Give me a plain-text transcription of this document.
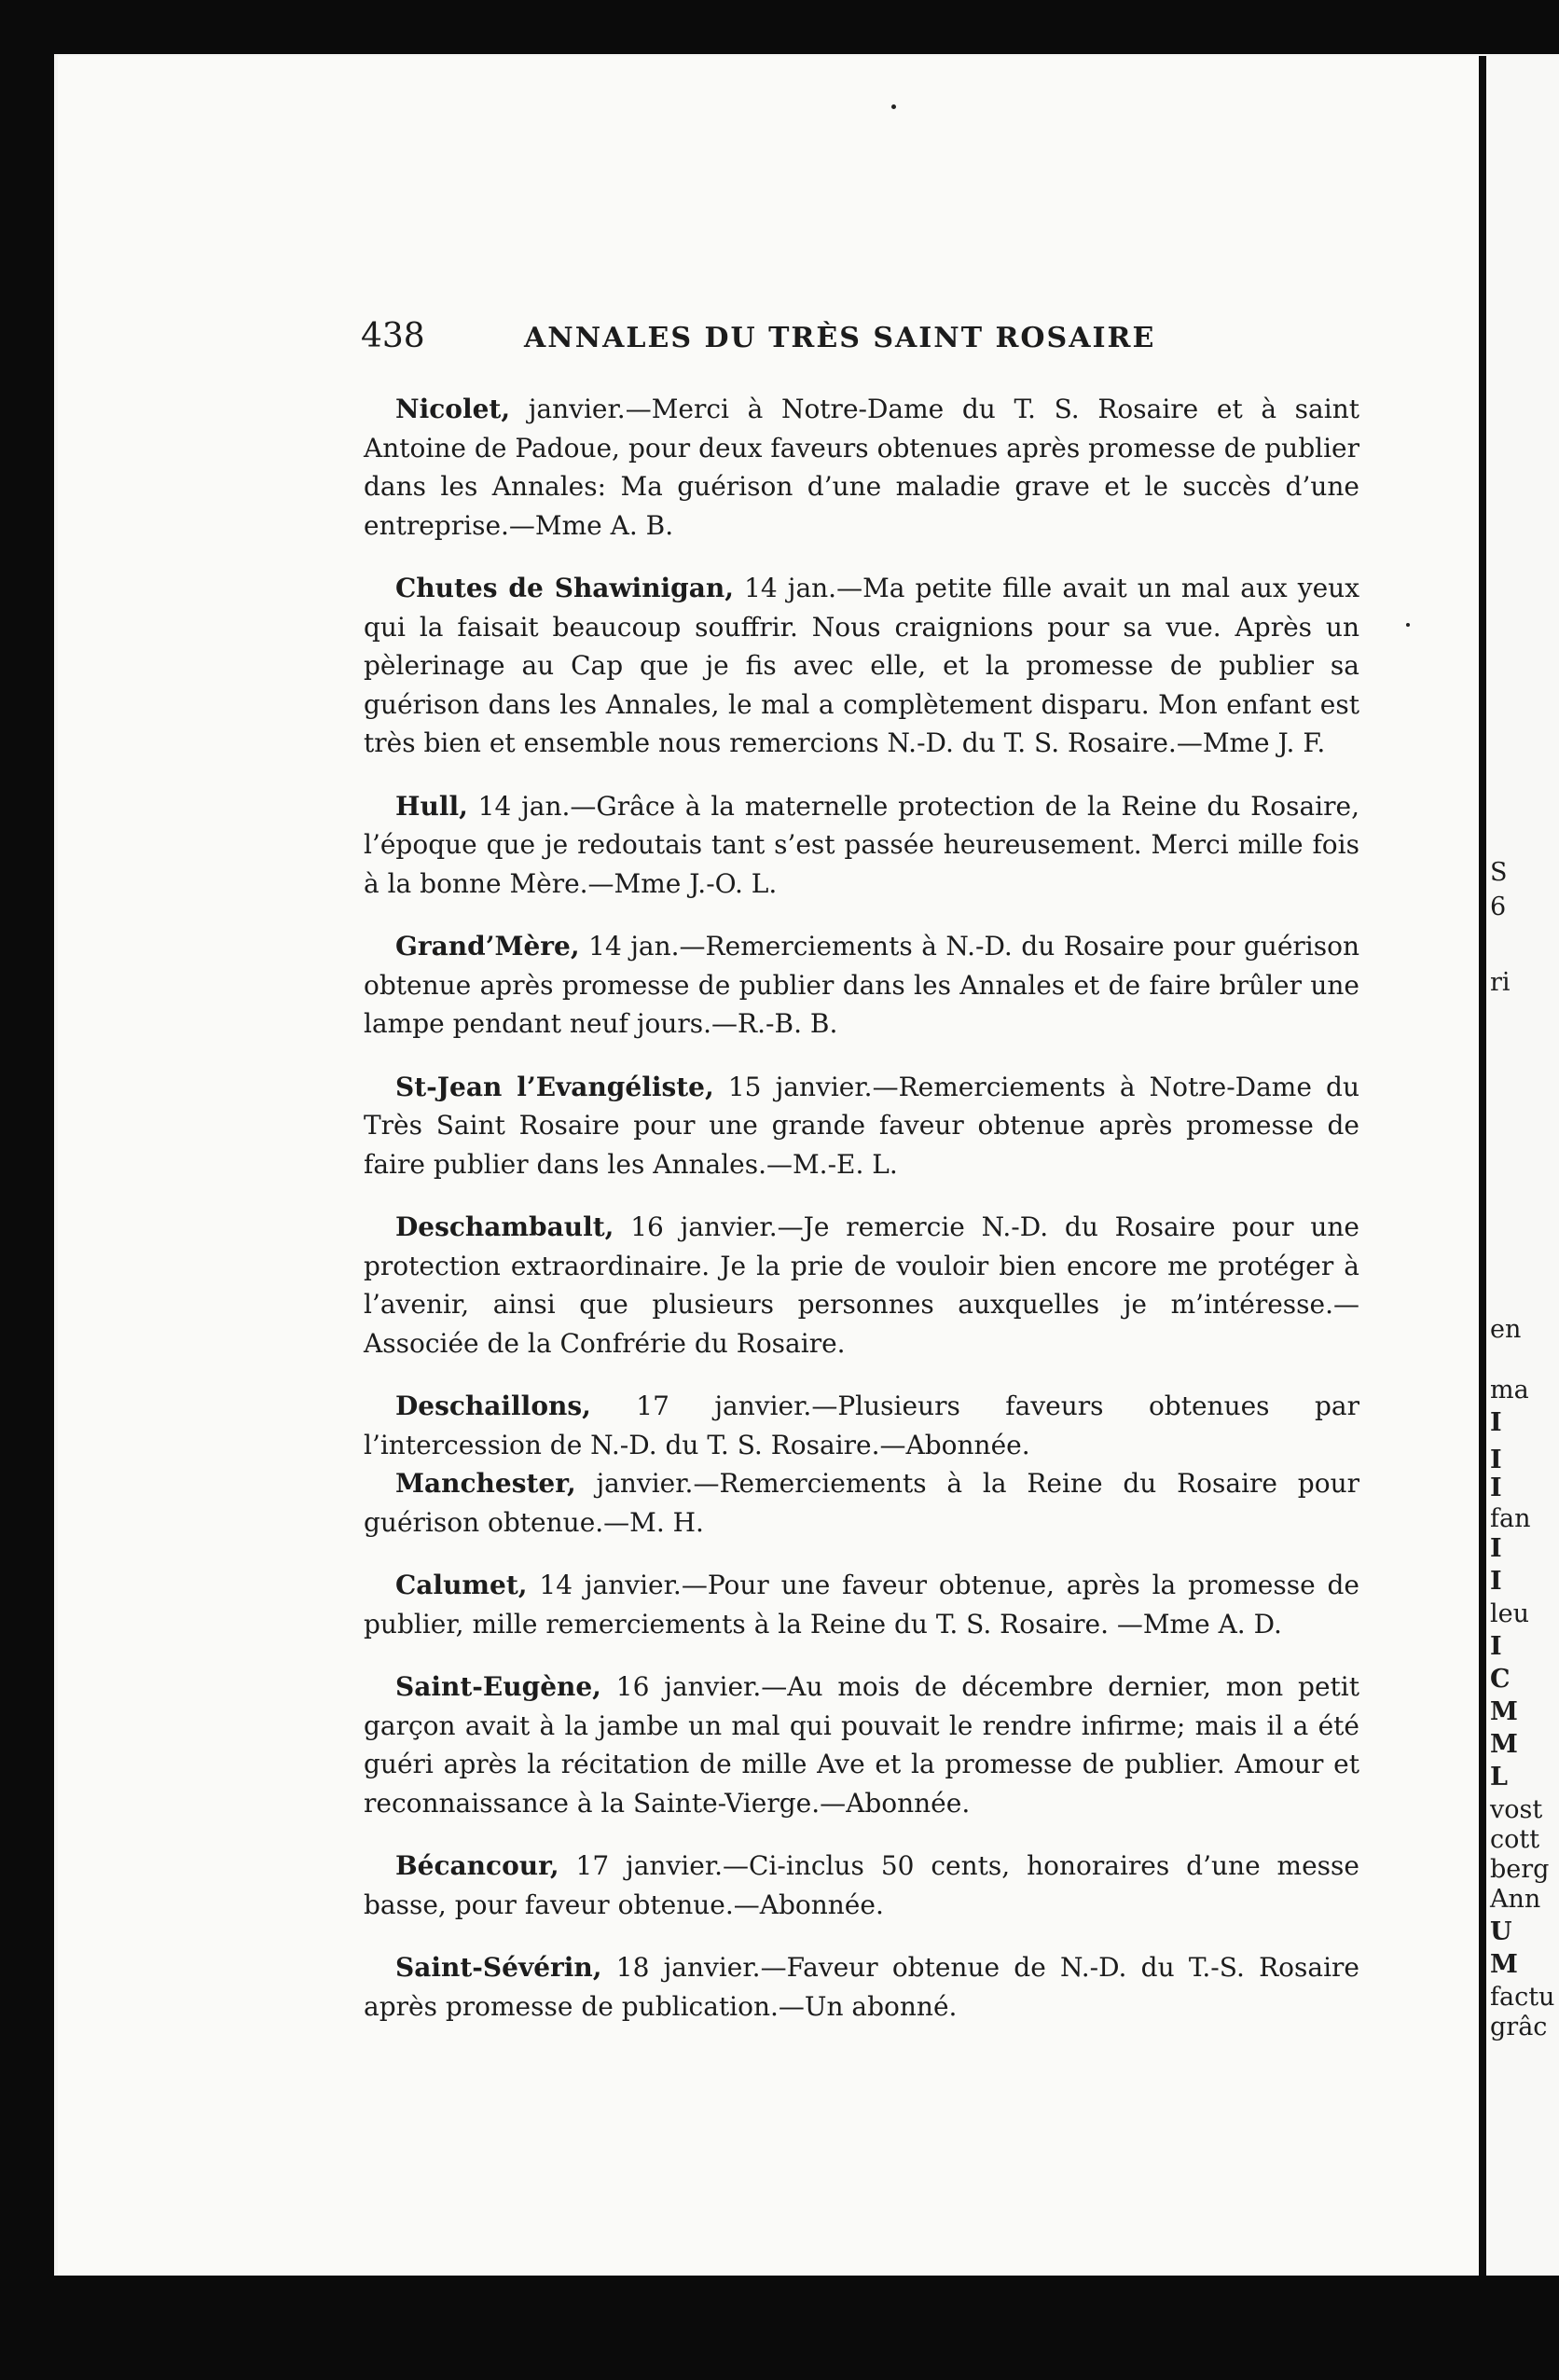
S
6
ri
en
ma
I
I
I
fan
I
I
leu
I
C
M
M
L
vost
cott
berg
Ann
U
M
factu
grâc
438	ANNALES DU TRÈS SAINT ROSAIRE

Nicolet, janvier.—Merci à Notre-Dame du T. S. Rosaire et à saint Antoine de Padoue, pour deux faveurs obtenues après promesse de publier dans les Annales: Ma guérison d’une maladie grave et le succès d’une entreprise.—Mme A. B.

Chutes de Shawinigan, 14 jan.—Ma petite fille avait un mal aux yeux qui la faisait beaucoup souffrir. Nous craignions pour sa vue. Après un pèlerinage au Cap que je fis avec elle, et la promesse de publier sa guérison dans les Annales, le mal a complètement disparu. Mon enfant est très bien et ensemble nous remercions N.-D. du T. S. Rosaire.—Mme J. F.

Hull, 14 jan.—Grâce à la maternelle protection de la Reine du Rosaire, l’époque que je redoutais tant s’est passée heureusement. Merci mille fois à la bonne Mère.—Mme J.-O. L.

Grand’Mère, 14 jan.—Remerciements à N.-D. du Rosaire pour guérison obtenue après promesse de publier dans les Annales et de faire brûler une lampe pendant neuf jours.—R.-B. B.

St-Jean l’Evangéliste, 15 janvier.—Remerciements à Notre-Dame du Très Saint Rosaire pour une grande faveur obtenue après promesse de faire publier dans les Annales.—M.-E. L.

Deschambault, 16 janvier.—Je remercie N.-D. du Rosaire pour une protection extraordinaire. Je la prie de vouloir bien encore me protéger à l’avenir, ainsi que plusieurs personnes auxquelles je m’intéresse.—Associée de la Confrérie du Rosaire.

Deschaillons, 17 janvier.—Plusieurs faveurs obtenues par l’intercession de N.-D. du T. S. Rosaire.—Abonnée.

Manchester, janvier.—Remerciements à la Reine du Rosaire pour guérison obtenue.—M. H.

Calumet, 14 janvier.—Pour une faveur obtenue, après la promesse de publier, mille remerciements à la Reine du T. S. Rosaire. —Mme A. D.

Saint-Eugène, 16 janvier.—Au mois de décembre dernier, mon petit garçon avait à la jambe un mal qui pouvait le rendre infirme; mais il a été guéri après la récitation de mille Ave et la promesse de publier. Amour et reconnaissance à la Sainte-Vierge.—Abonnée.

Bécancour, 17 janvier.—Ci-inclus 50 cents, honoraires d’une messe basse, pour faveur obtenue.—Abonnée.

Saint-Sévérin, 18 janvier.—Faveur obtenue de N.-D. du T.-S. Rosaire après promesse de publication.—Un abonné.
